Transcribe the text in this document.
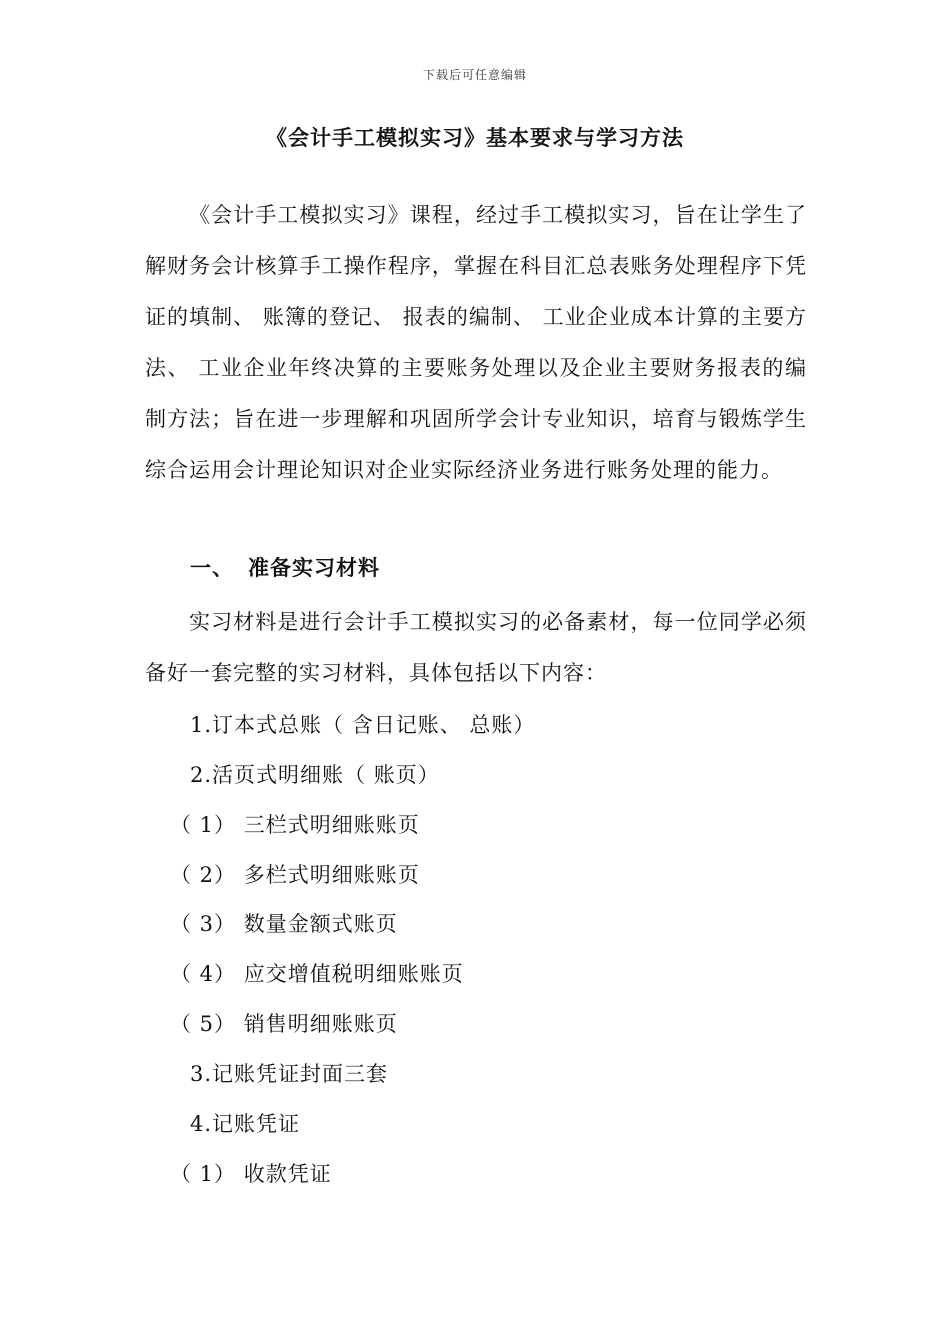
下载后可任意编辑
《会计手工模拟实习》基本要求与学习方法

《会计手工模拟实习》课程，经过手工模拟实习，旨在让学生了解财务会计核算手工操作程序，掌握在科目汇总表账务处理程序下凭证的填制、 账簿的登记、 报表的编制、 工业企业成本计算的主要方法、 工业企业年终决算的主要账务处理以及企业主要财务报表的编制方法；旨在进一步理解和巩固所学会计专业知识，培育与锻炼学生综合运用会计理论知识对企业实际经济业务进行账务处理的能力。

一、 准备实习材料

实习材料是进行会计手工模拟实习的必备素材，每一位同学必须备好一套完整的实习材料，具体包括以下内容：

1.订本式总账（ 含日记账、 总账）
2.活页式明细账（ 账页）
（ 1） 三栏式明细账账页
（ 2） 多栏式明细账账页
（ 3） 数量金额式账页
（ 4） 应交增值税明细账账页
（ 5） 销售明细账账页
3.记账凭证封面三套
4.记账凭证
（ 1） 收款凭证
